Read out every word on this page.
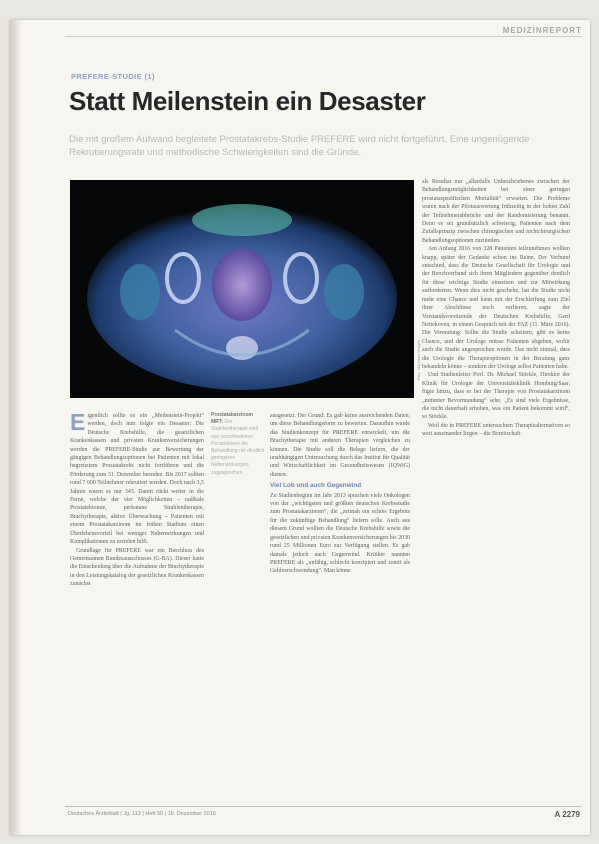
MEDIZINREPORT
PREFERE-STUDIE (1)
Statt Meilenstein ein Desaster
Die mit großem Aufwand begleitete Prostatakrebs-Studie PREFERE wird nicht fortgeführt. Eine ungenügende Rekrutierungsrate und methodische Schwierigkeiten sind die Gründe.
Foto: Mauritius images
Prostatakarzinom MRT: Der Strahlentherapie wird aus verschiedenen Perspektiven die Behandlung mit deutlich geringeren Nebenwirkungen zugesprochen.

Eigentlich sollte es ein „Meilenstein-Projekt“ werden, doch nun folgte ein Desaster: Die Deutsche Krebshilfe, die gesetzlichen Krankenkassen und privaten Krankenversicherungen werden die PREFERE-Studie zur Bewertung der gängigen Behandlungsoptionen bei Patienten mit lokal begrenztem Prostatakrebs nicht fortführen und die Förderung zum 31. Dezember beenden. Bis 2017 sollten rund 7 600 Teilnehmer rekrutiert werden. Doch nach 3,5 Jahren waren es nur 343. Damit rückt weiter in die Ferne, welche der vier Möglichkeiten – radikale Prostatektomie, perkutane Strahlentherapie, Brachytherapie, aktive Überwachung – Patienten mit einem Prostatakarzinom im frühen Stadium einen Überlebensvorteil bei weniger Nebenwirkungen und Komplikationen zu erzielen hilft.

Grundlage für PREFERE war ein Beschluss des Gemeinsamen Bundesausschusses (G-BA). Dieser hatte die Entscheidung über die Aufnahme der Brachytherapie in den Leistungskatalog der gesetzlichen Krankenkassen zunächst

ausgesetzt. Der Grund: Es gab keine ausreichenden Daten, um diese Behandlungsform zu bewerten. Daraufhin wurde das Studienkonzept für PREFERE entwickelt, um die Brachytherapie mit anderen Therapien vergleichen zu können. Die Studie soll die Belege liefern, die der unabhängigen Untersuchung durch das Institut für Qualität und Wirtschaftlichkeit im Gesundheitswesen (IQWiG) dienen.

Viel Lob und auch Gegenwind

Zu Studienbeginn im Jahr 2013 sprachen viele Onkologen von der „wichtigsten und größten deutschen Krebsstudie zum Prostatakarzinom“, die „zeitnah ein echtes Ergebnis für die zukünftige Behandlung“ liefern solle. Auch aus diesem Grund wollten die Deutsche Krebshilfe sowie die gesetzlichen und privaten Krankenversicherungen bis 2030 rund 25 Millionen Euro zur Verfügung stellen. Es gab damals jedoch auch Gegenwind. Kritiker nannten PREFERE als „unfähig, schlecht konzipiert und somit als Geldverschwendung“. Man könne

als Resultat nur „allenfalls Unbeschriebenes zwischen der Behandlungsmöglichkeiten bei einer geringen prostataspezifischen Mortalität“ erwarten. Die Probleme waren nach der Pilotauswertung frühzeitig in der hohen Zahl der Teilnehmerabbrüche und der Randomisierung benannt. Denn es sei grundsätzlich schwierig, Patienten nach dem Zufallsprinzip zwischen chirurgischen und nichtchirurgischen Behandlungsoptionen zuzuteilen.

Am Anfang 2016 von 328 Patienten teilzunehmen wollten knapp, später der Gedanke schon ins Reine. Der Verbund entschied, dass die Deutsche Gesellschaft für Urologie und der Berufsverband sich ihren Mitgliedern gegenüber deutlich für diese wichtige Studie einsetzen und zur Mitwirkung aufforderten. Wenn dies nicht geschehe, hat die Studie nicht mehr eine Chance und kann mit der Erschleifung zum Ziel ihrer Abschlüsse noch verlieren, sagte der Vorstandsvorsitzende der Deutschen Krebshilfe, Gerd Nettekoven, in einem Gespräch mit der FAZ (11. März 2016). Die Vermutung: Sollte die Studie scheitern, gibt es keine Chance, und der Urologe müsse Patienten abgeben, wofür auch die Studie angesprochen wurde. Das nicht einmal, dass die Urologie die Therapieoptionen in der Beratung ganz behandeln könne – sondern der Urologe selbst Patienten habe.

Und Studienleiter Prof. Dr. Michael Stöckle, Direktor der Klinik für Urologie der Universitätsklinik Homburg/Saar, fügte hinzu, dass er bei der Therapie von Prostatakarzinom „mitunter Bevormundung“ sehe. „Es sind viele Ergebnisse, die nicht dauerhaft erhoben, was ein Patient bekommt wird“, so Stöckle.

Weil die in PREFERE untersuchten Therapiealternativen so weit auseinander liegen – die Bereitschaft

Deutsches Ärzteblatt | Jg. 113 | Heft 50 | 16. Dezember 2016	A 2279
